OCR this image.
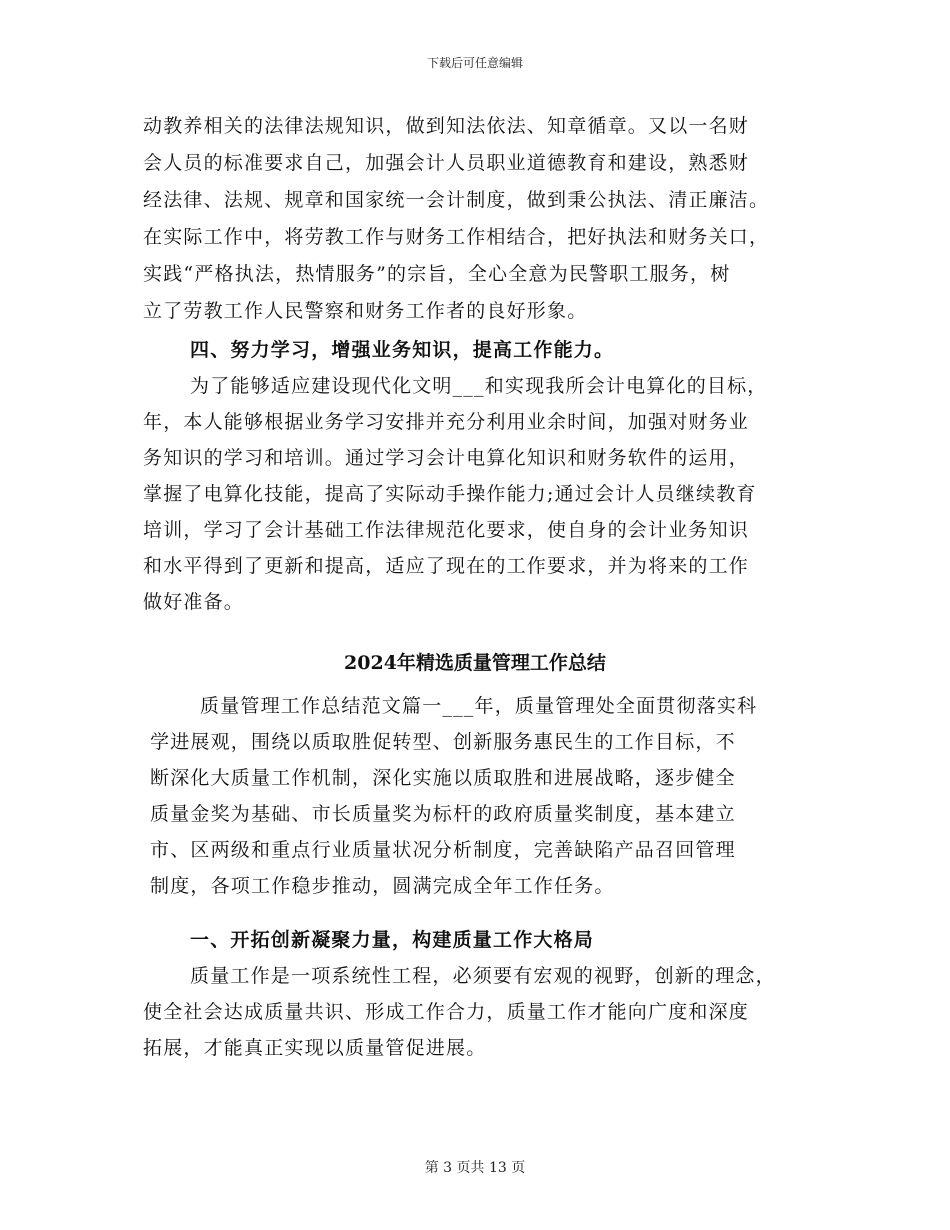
下载后可任意编辑
动教养相关的法律法规知识，做到知法依法、知章循章。又以一名财
会人员的标准要求自己，加强会计人员职业道德教育和建设，熟悉财
经法律、法规、规章和国家统一会计制度，做到秉公执法、清正廉洁。
在实际工作中，将劳教工作与财务工作相结合，把好执法和财务关口，
实践“严格执法，热情服务”的宗旨，全心全意为民警职工服务，树
立了劳教工作人民警察和财务工作者的良好形象。
四、努力学习，增强业务知识，提高工作能力。
为了能够适应建设现代化文明___和实现我所会计电算化的目标，
年，本人能够根据业务学习安排并充分利用业余时间，加强对财务业
务知识的学习和培训。通过学习会计电算化知识和财务软件的运用，
掌握了电算化技能，提高了实际动手操作能力;通过会计人员继续教育
培训，学习了会计基础工作法律规范化要求，使自身的会计业务知识
和水平得到了更新和提高，适应了现在的工作要求，并为将来的工作
做好准备。
2024年精选质量管理工作总结
质量管理工作总结范文篇一___年，质量管理处全面贯彻落实科
学进展观，围绕以质取胜促转型、创新服务惠民生的工作目标，不
断深化大质量工作机制，深化实施以质取胜和进展战略，逐步健全
质量金奖为基础、市长质量奖为标杆的政府质量奖制度，基本建立
市、区两级和重点行业质量状况分析制度，完善缺陷产品召回管理
制度，各项工作稳步推动，圆满完成全年工作任务。
一、开拓创新凝聚力量，构建质量工作大格局
质量工作是一项系统性工程，必须要有宏观的视野，创新的理念，
使全社会达成质量共识、形成工作合力，质量工作才能向广度和深度
拓展，才能真正实现以质量管促进展。
第 3 页共 13 页
